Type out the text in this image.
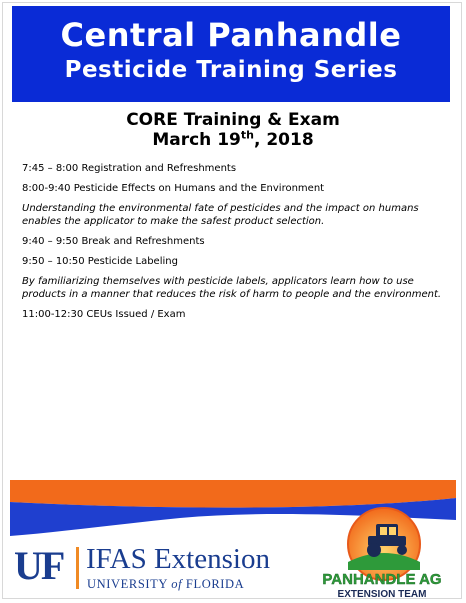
Central Panhandle
Pesticide Training Series
CORE Training & Exam
March 19th, 2018
7:45 – 8:00 Registration and Refreshments
8:00-9:40 Pesticide Effects on Humans and the Environment
Understanding the environmental fate of pesticides and the impact on humans enables the applicator to make the safest product selection.
9:40 – 9:50 Break and Refreshments
9:50 – 10:50 Pesticide Labeling
By familiarizing themselves with pesticide labels, applicators learn how to use products in a manner that reduces the risk of harm to people and the environment.
11:00-12:30 CEUs Issued / Exam
UF IFAS Extension
UNIVERSITY of FLORIDA	PANHANDLE AG
EXTENSION TEAM
